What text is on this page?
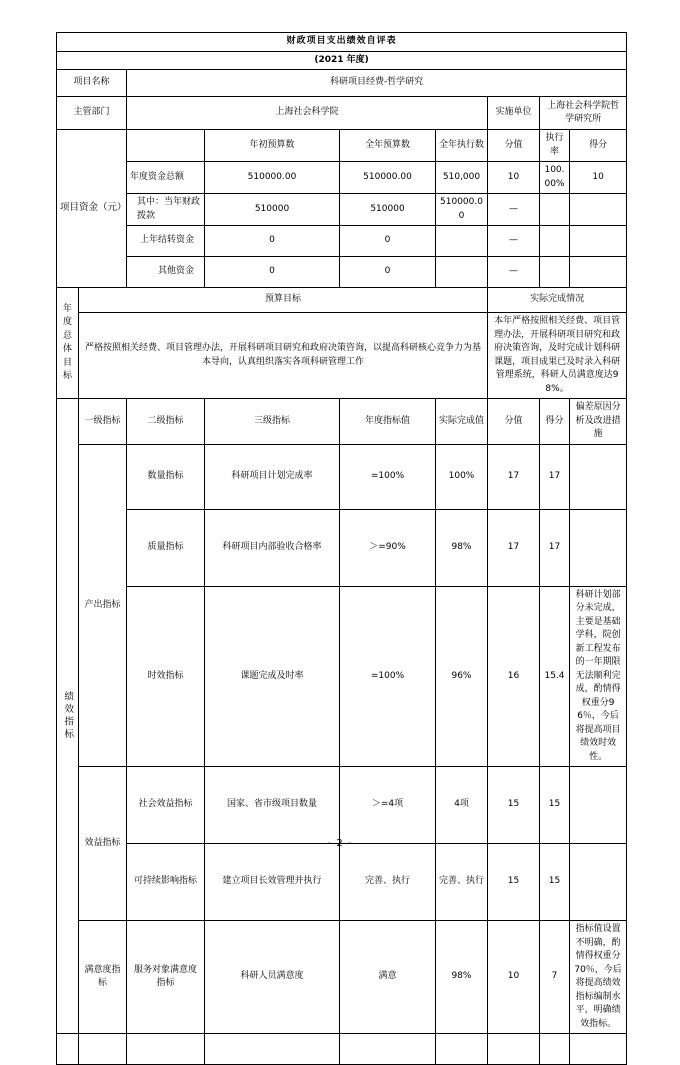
财政项目支出绩效自评表								
(2021 年度)								
项目名称		科研项目经费-哲学研究						
主管部门		上海社会科学院				实施单位	上海社会科学院哲学研究所	

项目资金（元）			年初预算数	全年预算数	全年执行数	分值	执行率	得分
		年度资金总额	510000.00	510000.00	510,000	10	100.00%	10
		其中：当年财政拨款	510000	510000	510000.00	—		
		上年结转资金	0	0		—		
		其他资金	0	0		—		
年度总体目标	预算目标					实际完成情况		
	严格按照相关经费、项目管理办法，开展科研项目研究和政府决策咨询，以提高科研核心竞争力为基本导向，认真组织落实各项科研管理工作					本年严格按照相关经费、项目管理办法，开展科研项目研究和政府决策咨询，及时完成计划科研课题，项目成果已及时录入科研管理系统，科研人员满意度达98%。		

绩效指标	一级指标	二级指标	三级指标	年度指标值	实际完成值	分值	得分	偏差原因分析及改进措施
	产出指标	数量指标	科研项目计划完成率	=100%	100%	17	17	
		质量指标	科研项目内部验收合格率	＞=90%	98%	17	17	
		时效指标	课题完成及时率	=100%	96%	16	15.4	科研计划部分未完成，主要是基础学科，院创新工程发布的一年期限无法顺利完成，酌情得权重分96％，今后将提高项目绩效时效性。
	效益指标	社会效益指标	国家、省市级项目数量	＞=4项	4项	15	15	
		可持续影响指标	建立项目长效管理并执行	完善、执行	完善、执行	15	15	
	满意度指标	服务对象满意度指标	科研人员满意度	满意	98%	10	7	指标值设置不明确，酌情得权重分70％，今后将提高绩效指标编制水平，明确绩效指标。

- 2 -
